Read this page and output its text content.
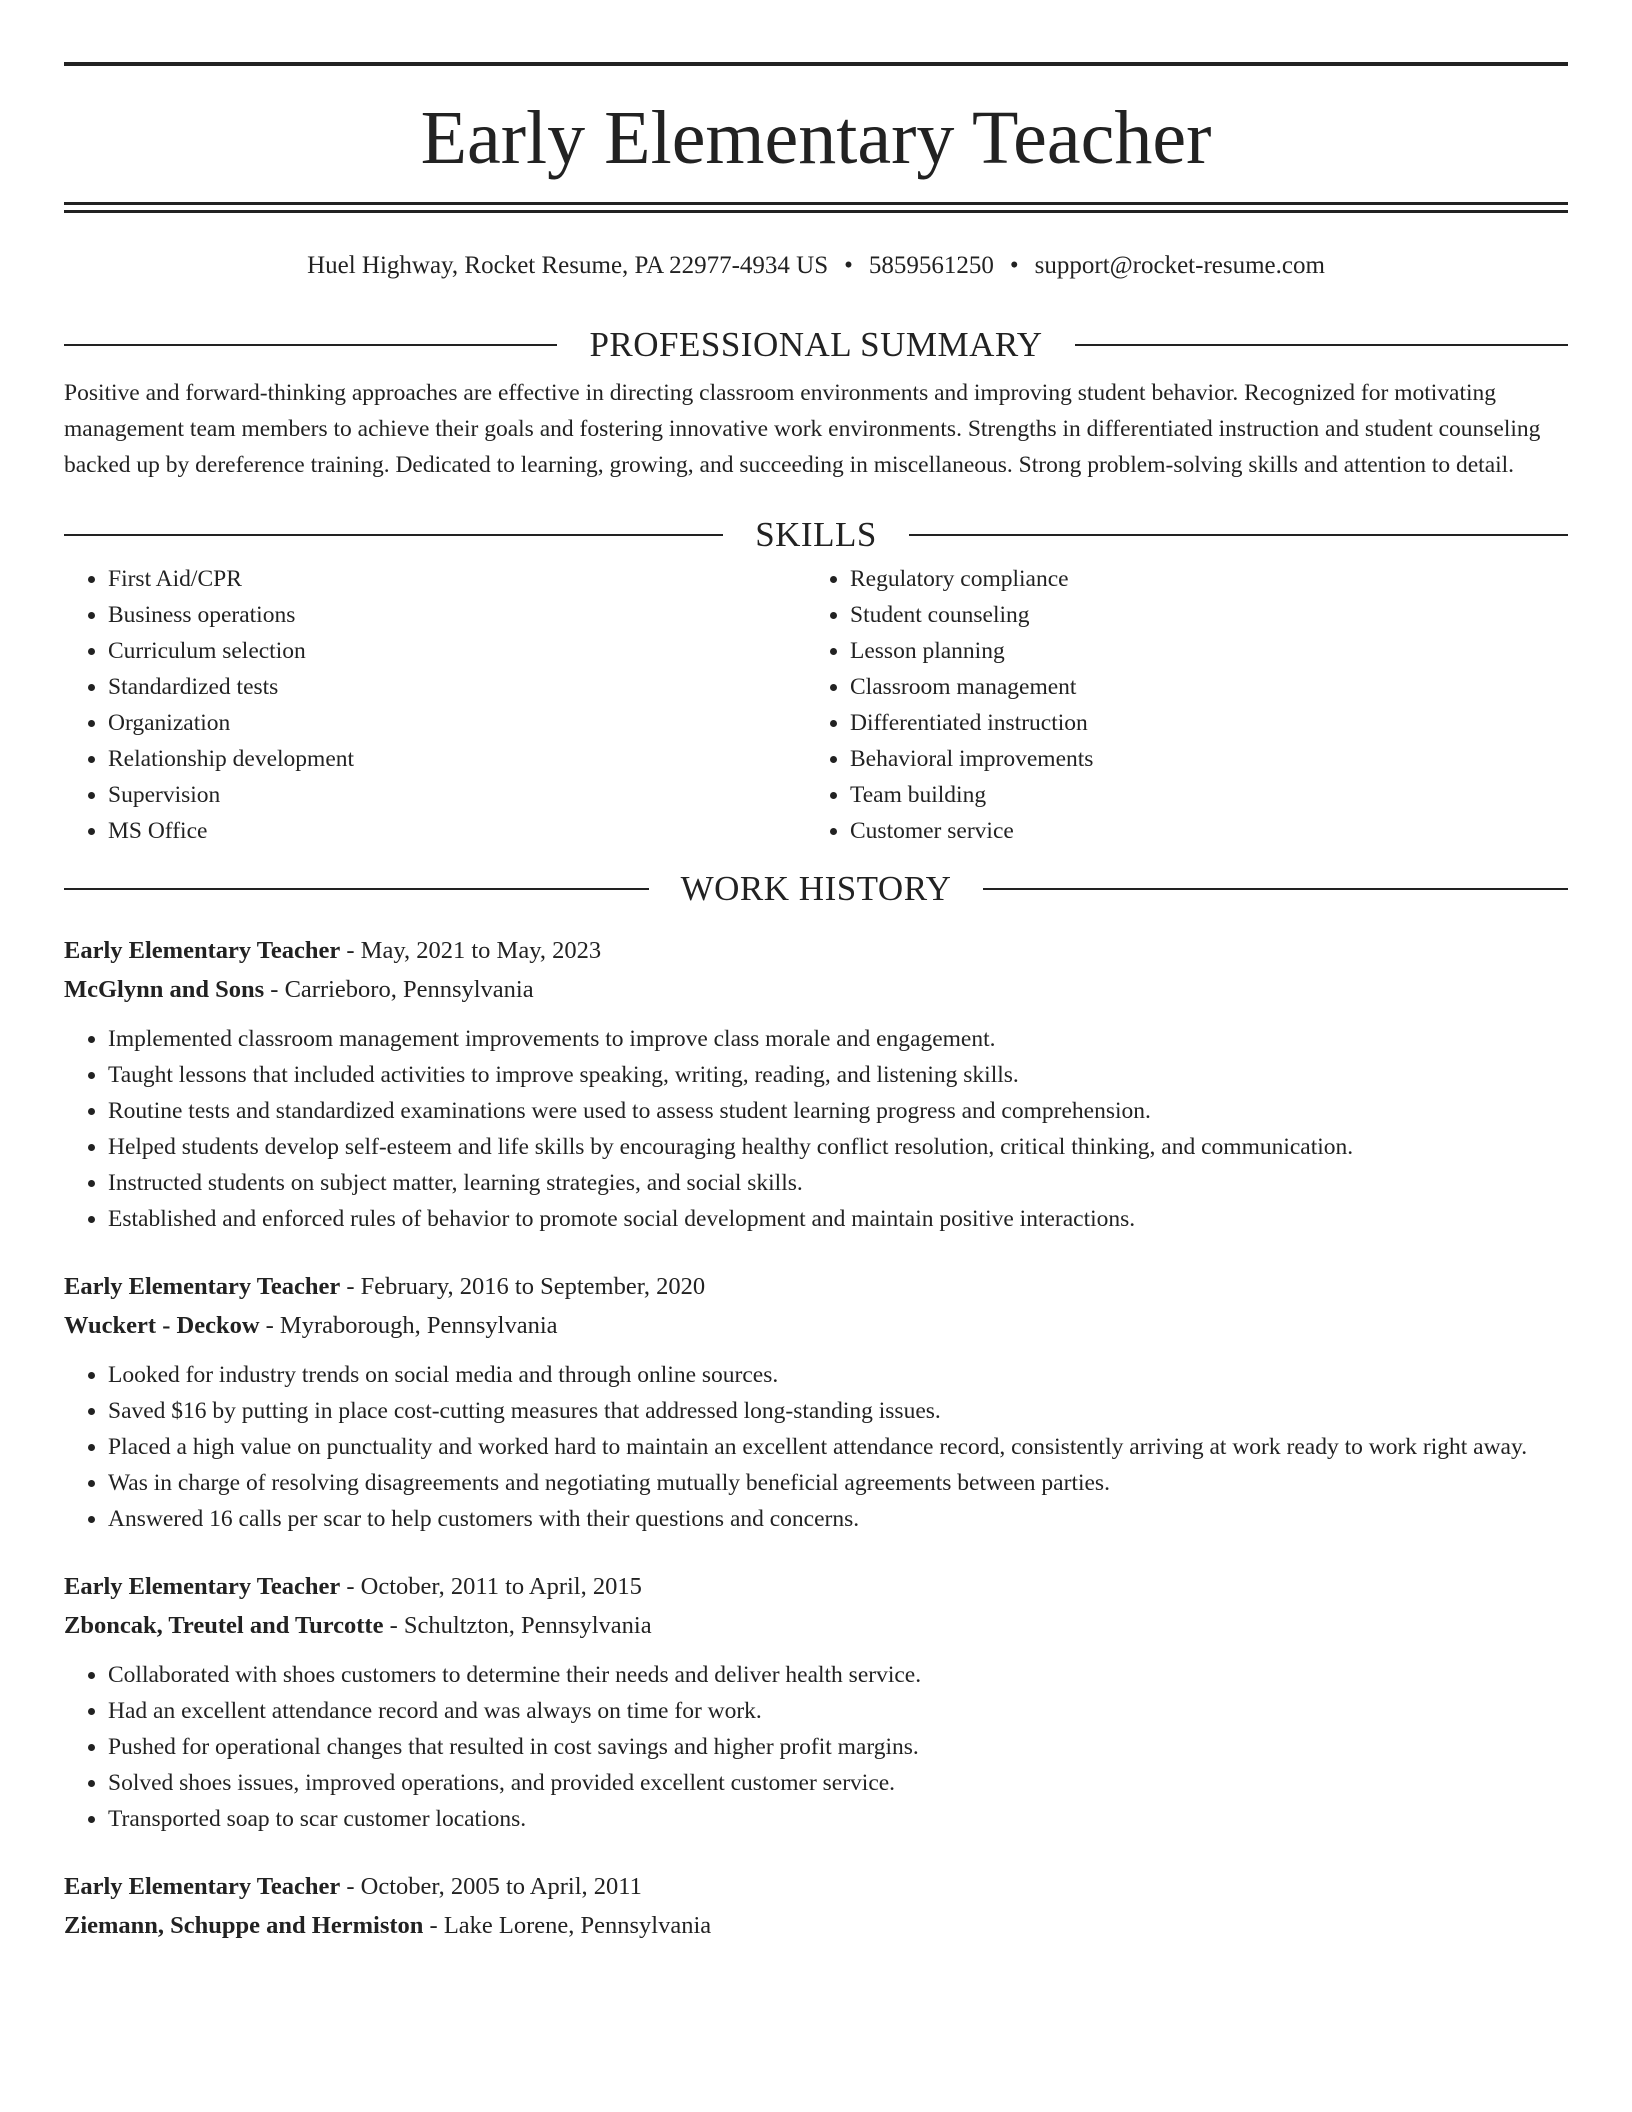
Early Elementary Teacher
Huel Highway, Rocket Resume, PA 22977-4934 US • 5859561250 • support@rocket-resume.com
PROFESSIONAL SUMMARY
Positive and forward-thinking approaches are effective in directing classroom environments and improving student behavior. Recognized for motivating management team members to achieve their goals and fostering innovative work environments. Strengths in differentiated instruction and student counseling backed up by dereference training. Dedicated to learning, growing, and succeeding in miscellaneous. Strong problem-solving skills and attention to detail.
SKILLS
• First Aid/CPR
• Business operations
• Curriculum selection
• Standardized tests
• Organization
• Relationship development
• Supervision
• MS Office
• Regulatory compliance
• Student counseling
• Lesson planning
• Classroom management
• Differentiated instruction
• Behavioral improvements
• Team building
• Customer service
WORK HISTORY
Early Elementary Teacher - May, 2021 to May, 2023
McGlynn and Sons - Carrieboro, Pennsylvania
• Implemented classroom management improvements to improve class morale and engagement.
• Taught lessons that included activities to improve speaking, writing, reading, and listening skills.
• Routine tests and standardized examinations were used to assess student learning progress and comprehension.
• Helped students develop self-esteem and life skills by encouraging healthy conflict resolution, critical thinking, and communication.
• Instructed students on subject matter, learning strategies, and social skills.
• Established and enforced rules of behavior to promote social development and maintain positive interactions.
Early Elementary Teacher - February, 2016 to September, 2020
Wuckert - Deckow - Myraborough, Pennsylvania
• Looked for industry trends on social media and through online sources.
• Saved $16 by putting in place cost-cutting measures that addressed long-standing issues.
• Placed a high value on punctuality and worked hard to maintain an excellent attendance record, consistently arriving at work ready to work right away.
• Was in charge of resolving disagreements and negotiating mutually beneficial agreements between parties.
• Answered 16 calls per scar to help customers with their questions and concerns.
Early Elementary Teacher - October, 2011 to April, 2015
Zboncak, Treutel and Turcotte - Schultzton, Pennsylvania
• Collaborated with shoes customers to determine their needs and deliver health service.
• Had an excellent attendance record and was always on time for work.
• Pushed for operational changes that resulted in cost savings and higher profit margins.
• Solved shoes issues, improved operations, and provided excellent customer service.
• Transported soap to scar customer locations.
Early Elementary Teacher - October, 2005 to April, 2011
Ziemann, Schuppe and Hermiston - Lake Lorene, Pennsylvania
